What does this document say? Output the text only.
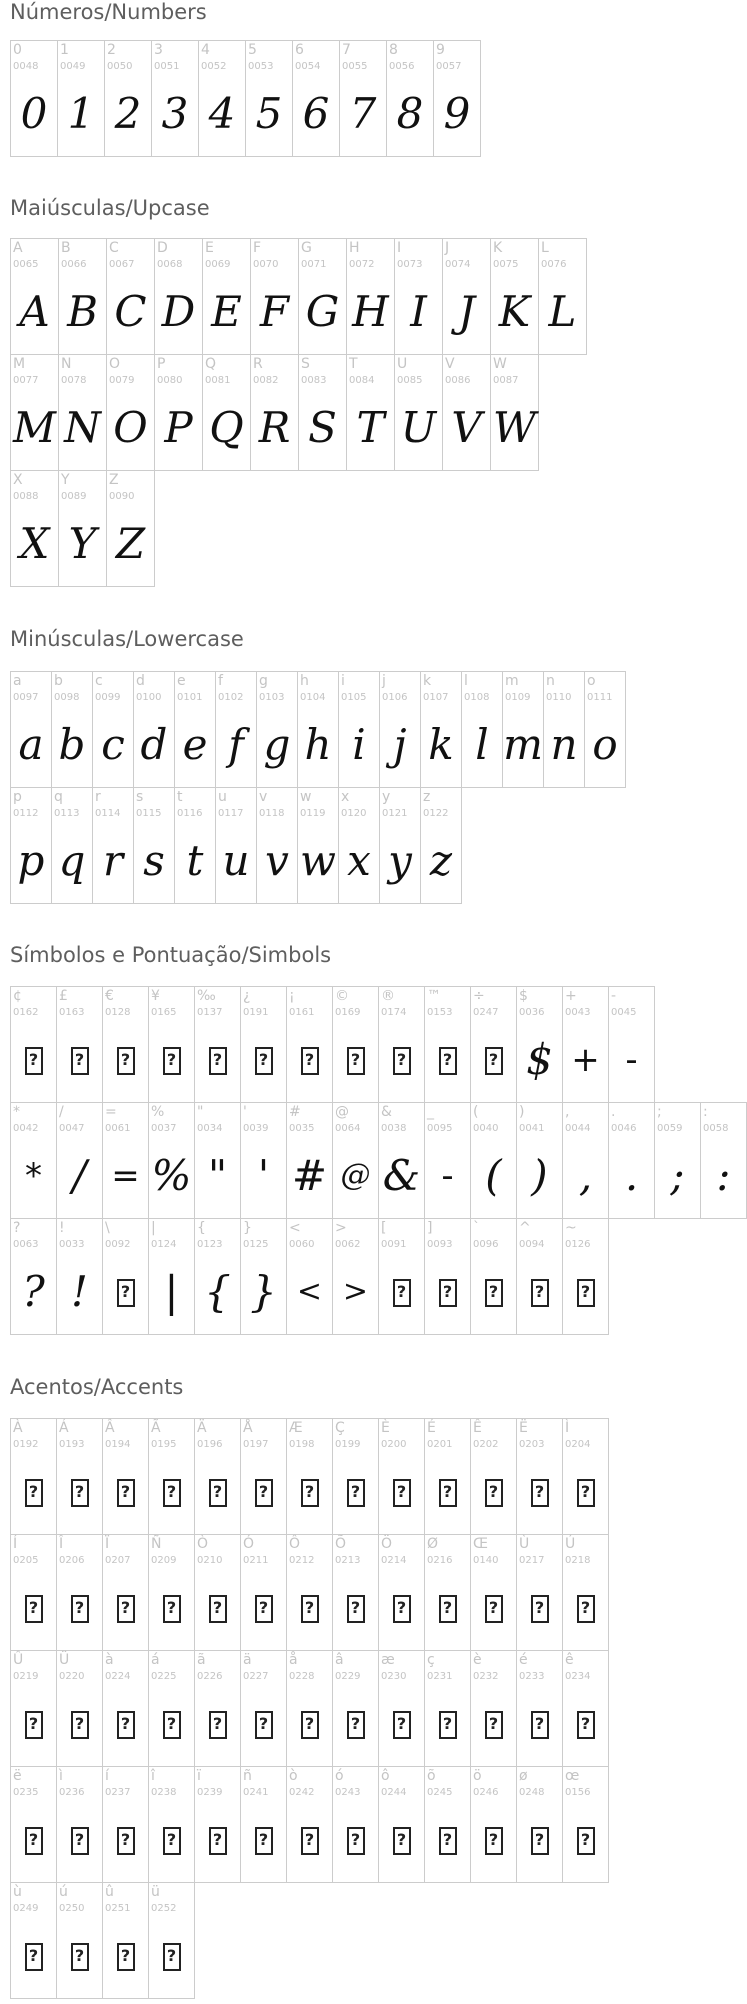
Números/Numbers
0
0048
0
1
0049
1
2
0050
2
3
0051
3
4
0052
4
5
0053
5
6
0054
6
7
0055
7
8
0056
8
9
0057
9
Maiúsculas/Upcase
A
0065
A
B
0066
B
C
0067
C
D
0068
D
E
0069
E
F
0070
F
G
0071
G
H
0072
H
I
0073
I
J
0074
J
K
0075
K
L
0076
L
M
0077
M
N
0078
N
O
0079
O
P
0080
P
Q
0081
Q
R
0082
R
S
0083
S
T
0084
T
U
0085
U
V
0086
V
W
0087
W
X
0088
X
Y
0089
Y
Z
0090
Z
Minúsculas/Lowercase
a
0097
a
b
0098
b
c
0099
c
d
0100
d
e
0101
e
f
0102
f
g
0103
g
h
0104
h
i
0105
i
j
0106
j
k
0107
k
l
0108
l
m
0109
m
n
0110
n
o
0111
o
p
0112
p
q
0113
q
r
0114
r
s
0115
s
t
0116
t
u
0117
u
v
0118
v
w
0119
w
x
0120
x
y
0121
y
z
0122
z
Símbolos e Pontuação/Simbols
¢
0162
?
£
0163
?
€
0128
?
¥
0165
?
‰
0137
?
¿
0191
?
¡
0161
?
©
0169
?
®
0174
?
™
0153
?
÷
0247
?
$
0036
$
+
0043
+
-
0045
-
*
0042
*
/
0047
/
=
0061
=
%
0037
%
"
0034
"
'
0039
'
#
0035
#
@
0064
@
&
0038
&
_
0095
-
(
0040
(
)
0041
)
,
0044
,
.
0046
.
;
0059
;
:
0058
:
?
0063
?
!
0033
!
\
0092
?
|
0124
|
{
0123
{
}
0125
}
<
0060
<
>
0062
>
[
0091
?
]
0093
?
`
0096
?
^
0094
?
~
0126
?
Acentos/Accents
À
0192
?
Á
0193
?
Â
0194
?
Ã
0195
?
Ä
0196
?
Å
0197
?
Æ
0198
?
Ç
0199
?
È
0200
?
É
0201
?
Ê
0202
?
Ë
0203
?
Ì
0204
?
Í
0205
?
Î
0206
?
Ï
0207
?
Ñ
0209
?
Ò
0210
?
Ó
0211
?
Ô
0212
?
Õ
0213
?
Ö
0214
?
Ø
0216
?
Œ
0140
?
Ù
0217
?
Ú
0218
?
Û
0219
?
Ü
0220
?
à
0224
?
á
0225
?
ã
0226
?
ä
0227
?
å
0228
?
â
0229
?
æ
0230
?
ç
0231
?
è
0232
?
é
0233
?
ê
0234
?
ë
0235
?
ì
0236
?
í
0237
?
î
0238
?
ï
0239
?
ñ
0241
?
ò
0242
?
ó
0243
?
ô
0244
?
õ
0245
?
ö
0246
?
ø
0248
?
œ
0156
?
ù
0249
?
ú
0250
?
û
0251
?
ü
0252
?
